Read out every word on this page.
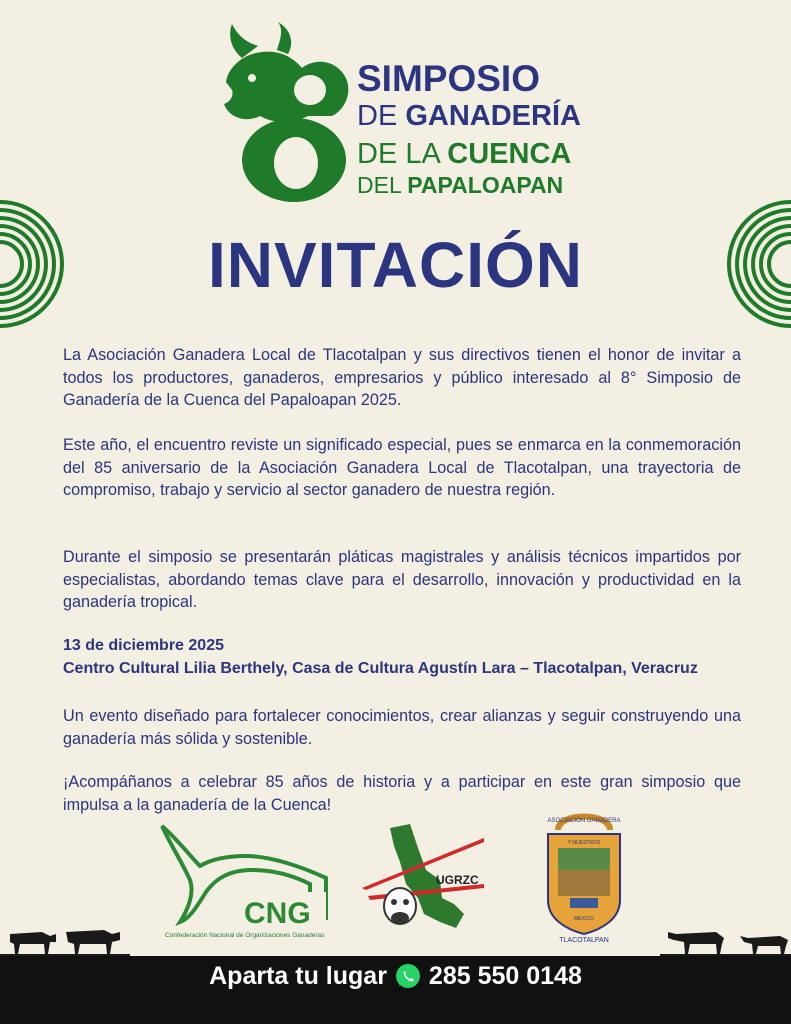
SIMPOSIO
DE GANADERÍA
DE LA CUENCA
DEL PAPALOAPAN
INVITACIÓN
La Asociación Ganadera Local de Tlacotalpan y sus directivos tienen el honor de invitar a todos los productores, ganaderos, empresarios y público interesado al 8° Simposio de Ganadería de la Cuenca del Papaloapan 2025.
Este año, el encuentro reviste un significado especial, pues se enmarca en la conmemoración del 85 aniversario de la Asociación Ganadera Local de Tlacotalpan, una trayectoria de compromiso, trabajo y servicio al sector ganadero de nuestra región.
Durante el simposio se presentarán pláticas magistrales y análisis técnicos impartidos por especialistas, abordando temas clave para el desarrollo, innovación y productividad en la ganadería tropical.
13 de diciembre 2025
Centro Cultural Lilia Berthely, Casa de Cultura Agustín Lara – Tlacotalpan, Veracruz
Un evento diseñado para fortalecer conocimientos, crear alianzas y seguir construyendo una ganadería más sólida y sostenible.
¡Acompáñanos a celebrar 85 años de historia y a participar en este gran simposio que impulsa a la ganadería de la Cuenca!
CNG
Confederación Nacional de Organizaciones Ganaderas
UGRZC
ASOCIACIÓN GANADERA
Y NUESTROS
MEXICO
TLACOTALPAN
Aparta tu lugar 285 550 0148
